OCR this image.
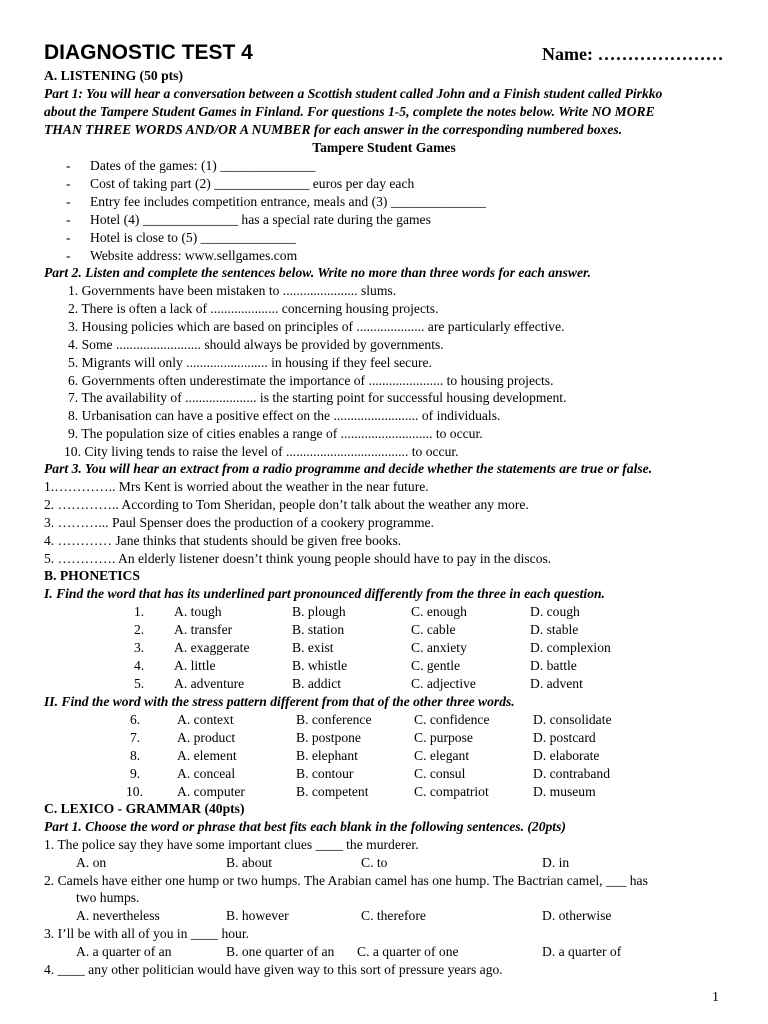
DIAGNOSTIC TEST 4	Name: …………………
A. LISTENING (50 pts)
Part 1: You will hear a conversation between a Scottish student called John and a Finish student called Pirkko
about the Tampere Student Games in Finland. For questions 1-5, complete the notes below. Write NO MORE
THAN THREE WORDS AND/OR A NUMBER for each answer in the corresponding numbered boxes.
Tampere Student Games
- Dates of the games: (1) ______________
- Cost of taking part (2) ______________ euros per day each
- Entry fee includes competition entrance, meals and (3) ______________
- Hotel (4) ______________ has a special rate during the games
- Hotel is close to (5) ______________
- Website address: www.sellgames.com
Part 2. Listen and complete the sentences below. Write no more than three words for each answer.
1. Governments have been mistaken to ...................... slums.
2. There is often a lack of .................... concerning housing projects.
3. Housing policies which are based on principles of .................... are particularly effective.
4. Some ......................... should always be provided by governments.
5. Migrants will only ........................ in housing if they feel secure.
6. Governments often underestimate the importance of ...................... to housing projects.
7. The availability of ..................... is the starting point for successful housing development.
8. Urbanisation can have a positive effect on the ......................... of individuals.
9. The population size of cities enables a range of ........................... to occur.
10. City living tends to raise the level of .................................... to occur.
Part 3. You will hear an extract from a radio programme and decide whether the statements are true or false.
1.………….. Mrs Kent is worried about the weather in the near future.
2. ………….. According to Tom Sheridan, people don’t talk about the weather any more.
3. ………... Paul Spenser does the production of a cookery programme.
4. ………… Jane thinks that students should be given free books.
5. …………. An elderly listener doesn’t think young people should have to pay in the discos.
B. PHONETICS
I. Find the word that has its underlined part pronounced differently from the three in each question.
1. A. tough	B. plough	C. enough	D. cough
2. A. transfer	B. station	C. cable	D. stable
3. A. exaggerate	B. exist	C. anxiety	D. complexion
4. A. little	B. whistle	C. gentle	D. battle
5. A. adventure	B. addict	C. adjective	D. advent
II. Find the word with the stress pattern different from that of the other three words.
6.	A. context	B. conference	C. confidence	D. consolidate
7.	A. product	B. postpone	C. purpose	D. postcard
8.	A. element	B. elephant	C. elegant	D. elaborate
9.	A. conceal	B. contour	C. consul	D. contraband
10.	A. computer	B. competent	C. compatriot	D. museum
C. LEXICO - GRAMMAR (40pts)
Part 1. Choose the word or phrase that best fits each blank in the following sentences. (20pts)
1. The police say they have some important clues ____ the murderer.
A. on	B. about	C. to	D. in
2. Camels have either one hump or two humps. The Arabian camel has one hump. The Bactrian camel, ___ has
two humps.
A. nevertheless	B. however	C. therefore	D. otherwise
3. I’ll be with all of you in ____ hour.
A. a quarter of an	B. one quarter of an C. a quarter of one	D. a quarter of
4. ____ any other politician would have given way to this sort of pressure years ago.
1
